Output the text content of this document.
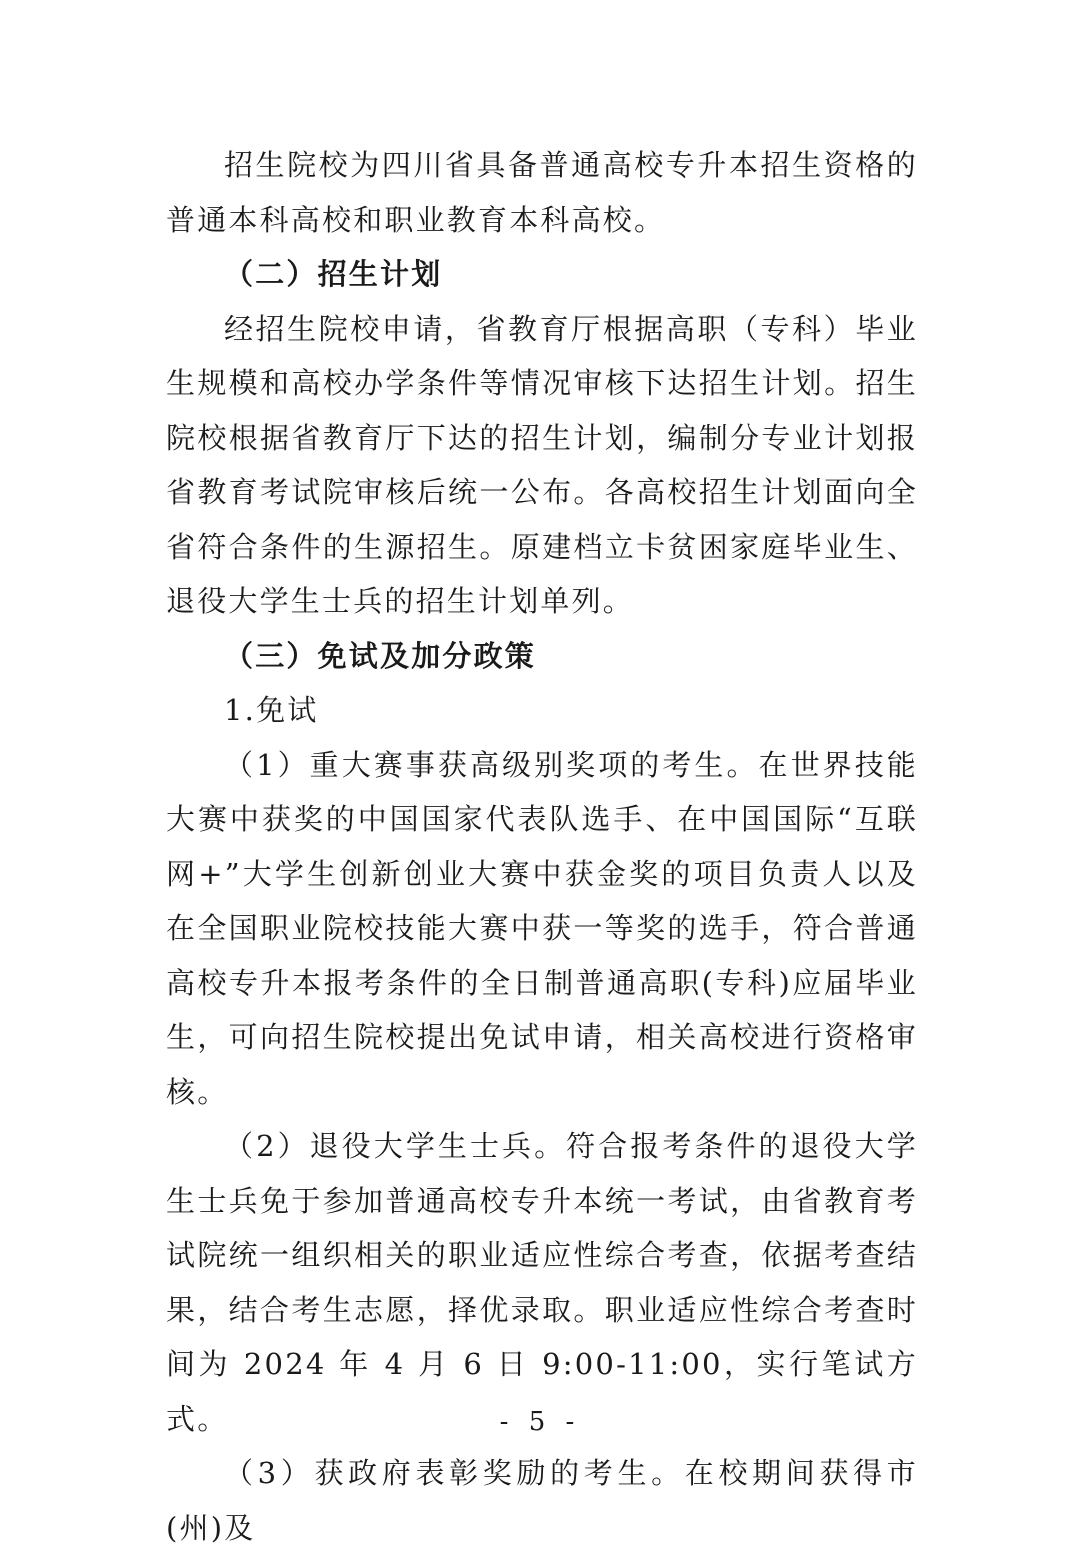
招生院校为四川省具备普通高校专升本招生资格的普通本科高校和职业教育本科高校。

（二）招生计划

经招生院校申请，省教育厅根据高职（专科）毕业生规模和高校办学条件等情况审核下达招生计划。招生院校根据省教育厅下达的招生计划，编制分专业计划报省教育考试院审核后统一公布。各高校招生计划面向全省符合条件的生源招生。原建档立卡贫困家庭毕业生、退役大学生士兵的招生计划单列。

（三）免试及加分政策

1.免试

（1）重大赛事获高级别奖项的考生。在世界技能大赛中获奖的中国国家代表队选手、在中国国际“互联网+”大学生创新创业大赛中获金奖的项目负责人以及在全国职业院校技能大赛中获一等奖的选手，符合普通高校专升本报考条件的全日制普通高职(专科)应届毕业生，可向招生院校提出免试申请，相关高校进行资格审核。

（2）退役大学生士兵。符合报考条件的退役大学生士兵免于参加普通高校专升本统一考试，由省教育考试院统一组织相关的职业适应性综合考查，依据考查结果，结合考生志愿，择优录取。职业适应性综合考查时间为 2024 年 4 月 6 日 9:00-11:00，实行笔试方式。

（3）获政府表彰奖励的考生。在校期间获得市(州)及

- 5 -
